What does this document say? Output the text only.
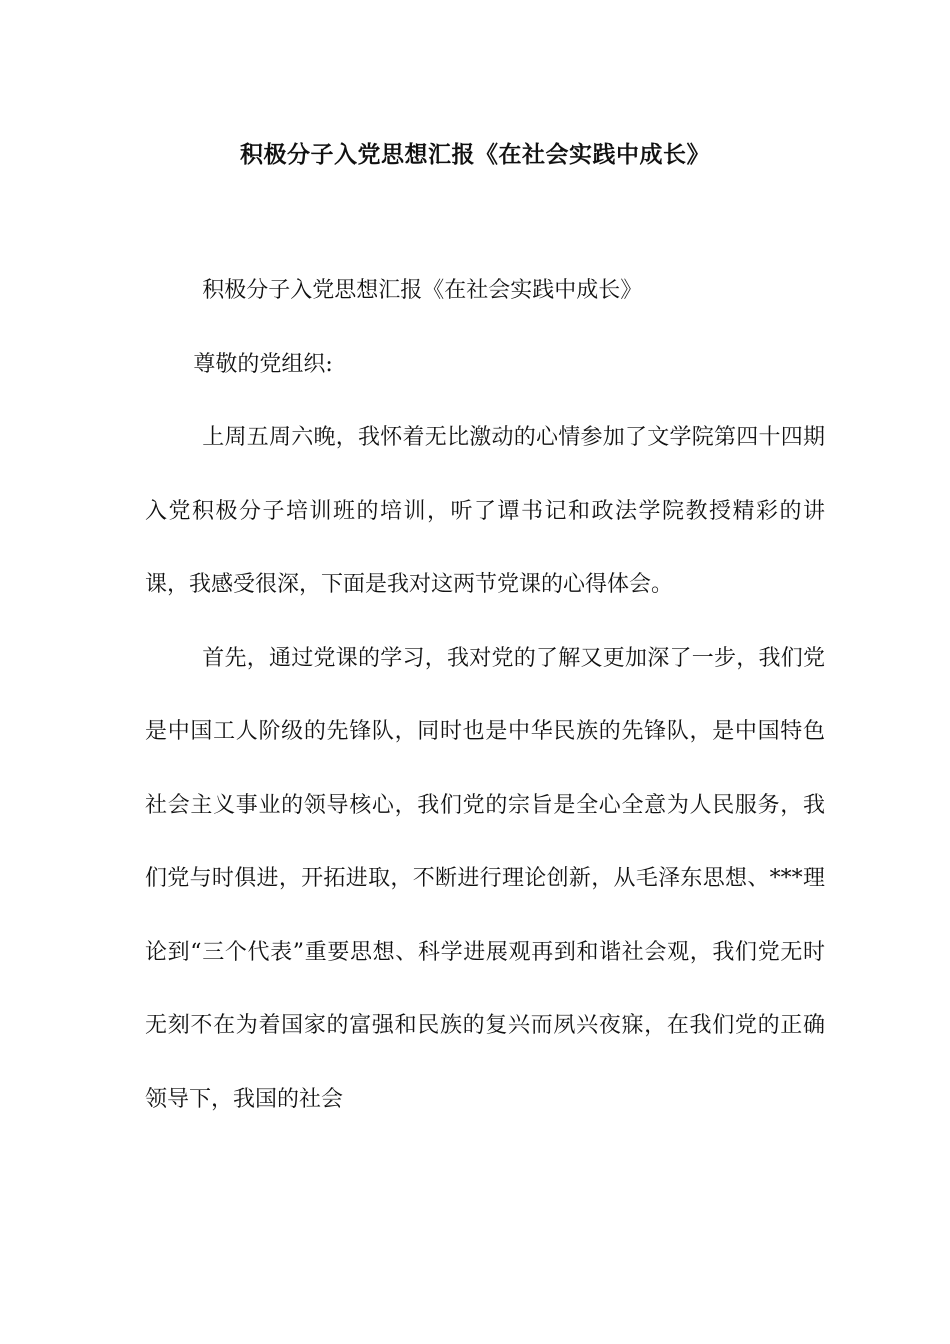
积极分子入党思想汇报《在社会实践中成长》

积极分子入党思想汇报《在社会实践中成长》

尊敬的党组织:

上周五周六晚，我怀着无比激动的心情参加了文学院第四十四期入党积极分子培训班的培训，听了谭书记和政法学院教授精彩的讲课，我感受很深，下面是我对这两节党课的心得体会。

首先，通过党课的学习，我对党的了解又更加深了一步，我们党是中国工人阶级的先锋队，同时也是中华民族的先锋队，是中国特色社会主义事业的领导核心，我们党的宗旨是全心全意为人民服务，我们党与时俱进，开拓进取，不断进行理论创新，从毛泽东思想、***理论到“三个代表”重要思想、科学进展观再到和谐社会观，我们党无时无刻不在为着国家的富强和民族的复兴而夙兴夜寐，在我们党的正确领导下，我国的社会
